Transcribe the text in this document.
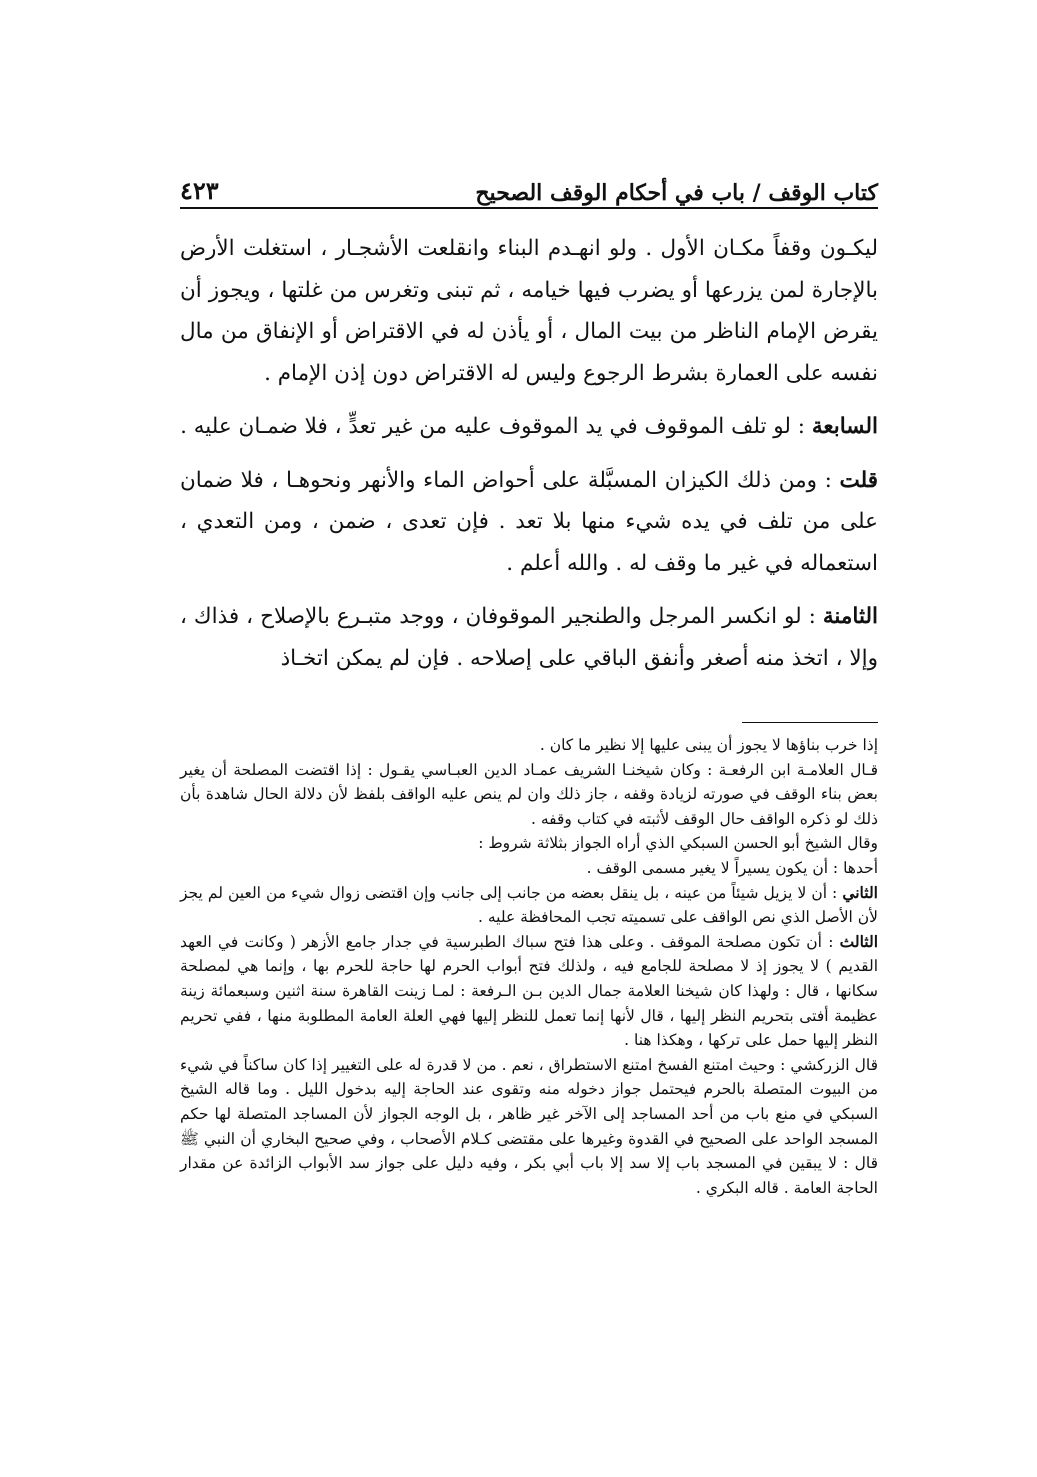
كتاب الوقف / باب في أحكام الوقف الصحيح
٤٢٣

ليكـون وقفاً مكـان الأول . ولو انهـدم البناء وانقلعت الأشجـار ، استغلت الأرض بالإجارة لمن يزرعها أو يضرب فيها خيامه ، ثم تبنى وتغرس من غلتها ، ويجوز أن يقرض الإمام الناظر من بيت المال ، أو يأذن له في الاقتراض أو الإنفاق من مال نفسه على العمارة بشرط الرجوع وليس له الاقتراض دون إذن الإمام .

السابعة : لو تلف الموقوف في يد الموقوف عليه من غير تعدٍّ ، فلا ضمـان عليه .

قلت : ومن ذلك الكيزان المسبَّلة على أحواض الماء والأنهر ونحوهـا ، فلا ضمان على من تلف في يده شيء منها بلا تعد . فإن تعدى ، ضمن ، ومن التعدي ، استعماله في غير ما وقف له . والله أعلم .

الثامنة : لو انكسر المرجل والطنجير الموقوفان ، ووجد متبـرع بالإصلاح ، فذاك ، وإلا ، اتخذ منه أصغر وأنفق الباقي على إصلاحه . فإن لم يمكن اتخـاذ

إذا خرب بناؤها لا يجوز أن يبنى عليها إلا نظير ما كان .

قـال العلامـة ابن الرفعـة : وكان شيخنـا الشريف عمـاد الدين العبـاسي يقـول : إذا اقتضت المصلحة أن يغير بعض بناء الوقف في صورته لزيادة وقفه ، جاز ذلك وان لم ينص عليه الواقف بلفظ لأن دلالة الحال شاهدة بأن ذلك لو ذكره الواقف حال الوقف لأثبته في كتاب وقفه .

وقال الشيخ أبو الحسن السبكي الذي أراه الجواز بثلاثة شروط :

أحدها : أن يكون يسيراً لا يغير مسمى الوقف .

الثاني : أن لا يزيل شيئاً من عينه ، بل ينقل بعضه من جانب إلى جانب وإن اقتضى زوال شيء من العين لم يجز لأن الأصل الذي نص الواقف على تسميته تجب المحافظة عليه .

الثالث : أن تكون مصلحة الموقف . وعلى هذا فتح سباك الطبرسية في جدار جامع الأزهر ( وكانت في العهد القديم ) لا يجوز إذ لا مصلحة للجامع فيه ، ولذلك فتح أبواب الحرم لها حاجة للحرم بها ، وإنما هي لمصلحة سكانها ، قال : ولهذا كان شيخنا العلامة جمال الدين بـن الـرفعة : لمـا زينت القاهرة سنة اثنين وسبعمائة زينة عظيمة أفتى بتحريم النظر إليها ، قال لأنها إنما تعمل للنظر إليها فهي العلة العامة المطلوبة منها ، ففي تحريم النظر إليها حمل على تركها ، وهكذا هنا .

قال الزركشي : وحيث امتنع الفسخ امتنع الاستطراق ، نعم . من لا قدرة له على التغيير إذا كان ساكناً في شيء من البيوت المتصلة بالحرم فيحتمل جواز دخوله منه وتقوى عند الحاجة إليه بدخول الليل . وما قاله الشيخ السبكي في منع باب من أحد المساجد إلى الآخر غير ظاهر ، بل الوجه الجواز لأن المساجد المتصلة لها حكم المسجد الواحد على الصحيح في القدوة وغيرها على مقتضى كـلام الأصحاب ، وفي صحيح البخاري أن النبي ﷺ قال : لا يبقين في المسجد باب إلا سد إلا باب أبي بكر ، وفيه دليل على جواز سد الأبواب الزائدة عن مقدار الحاجة العامة . قاله البكري .
